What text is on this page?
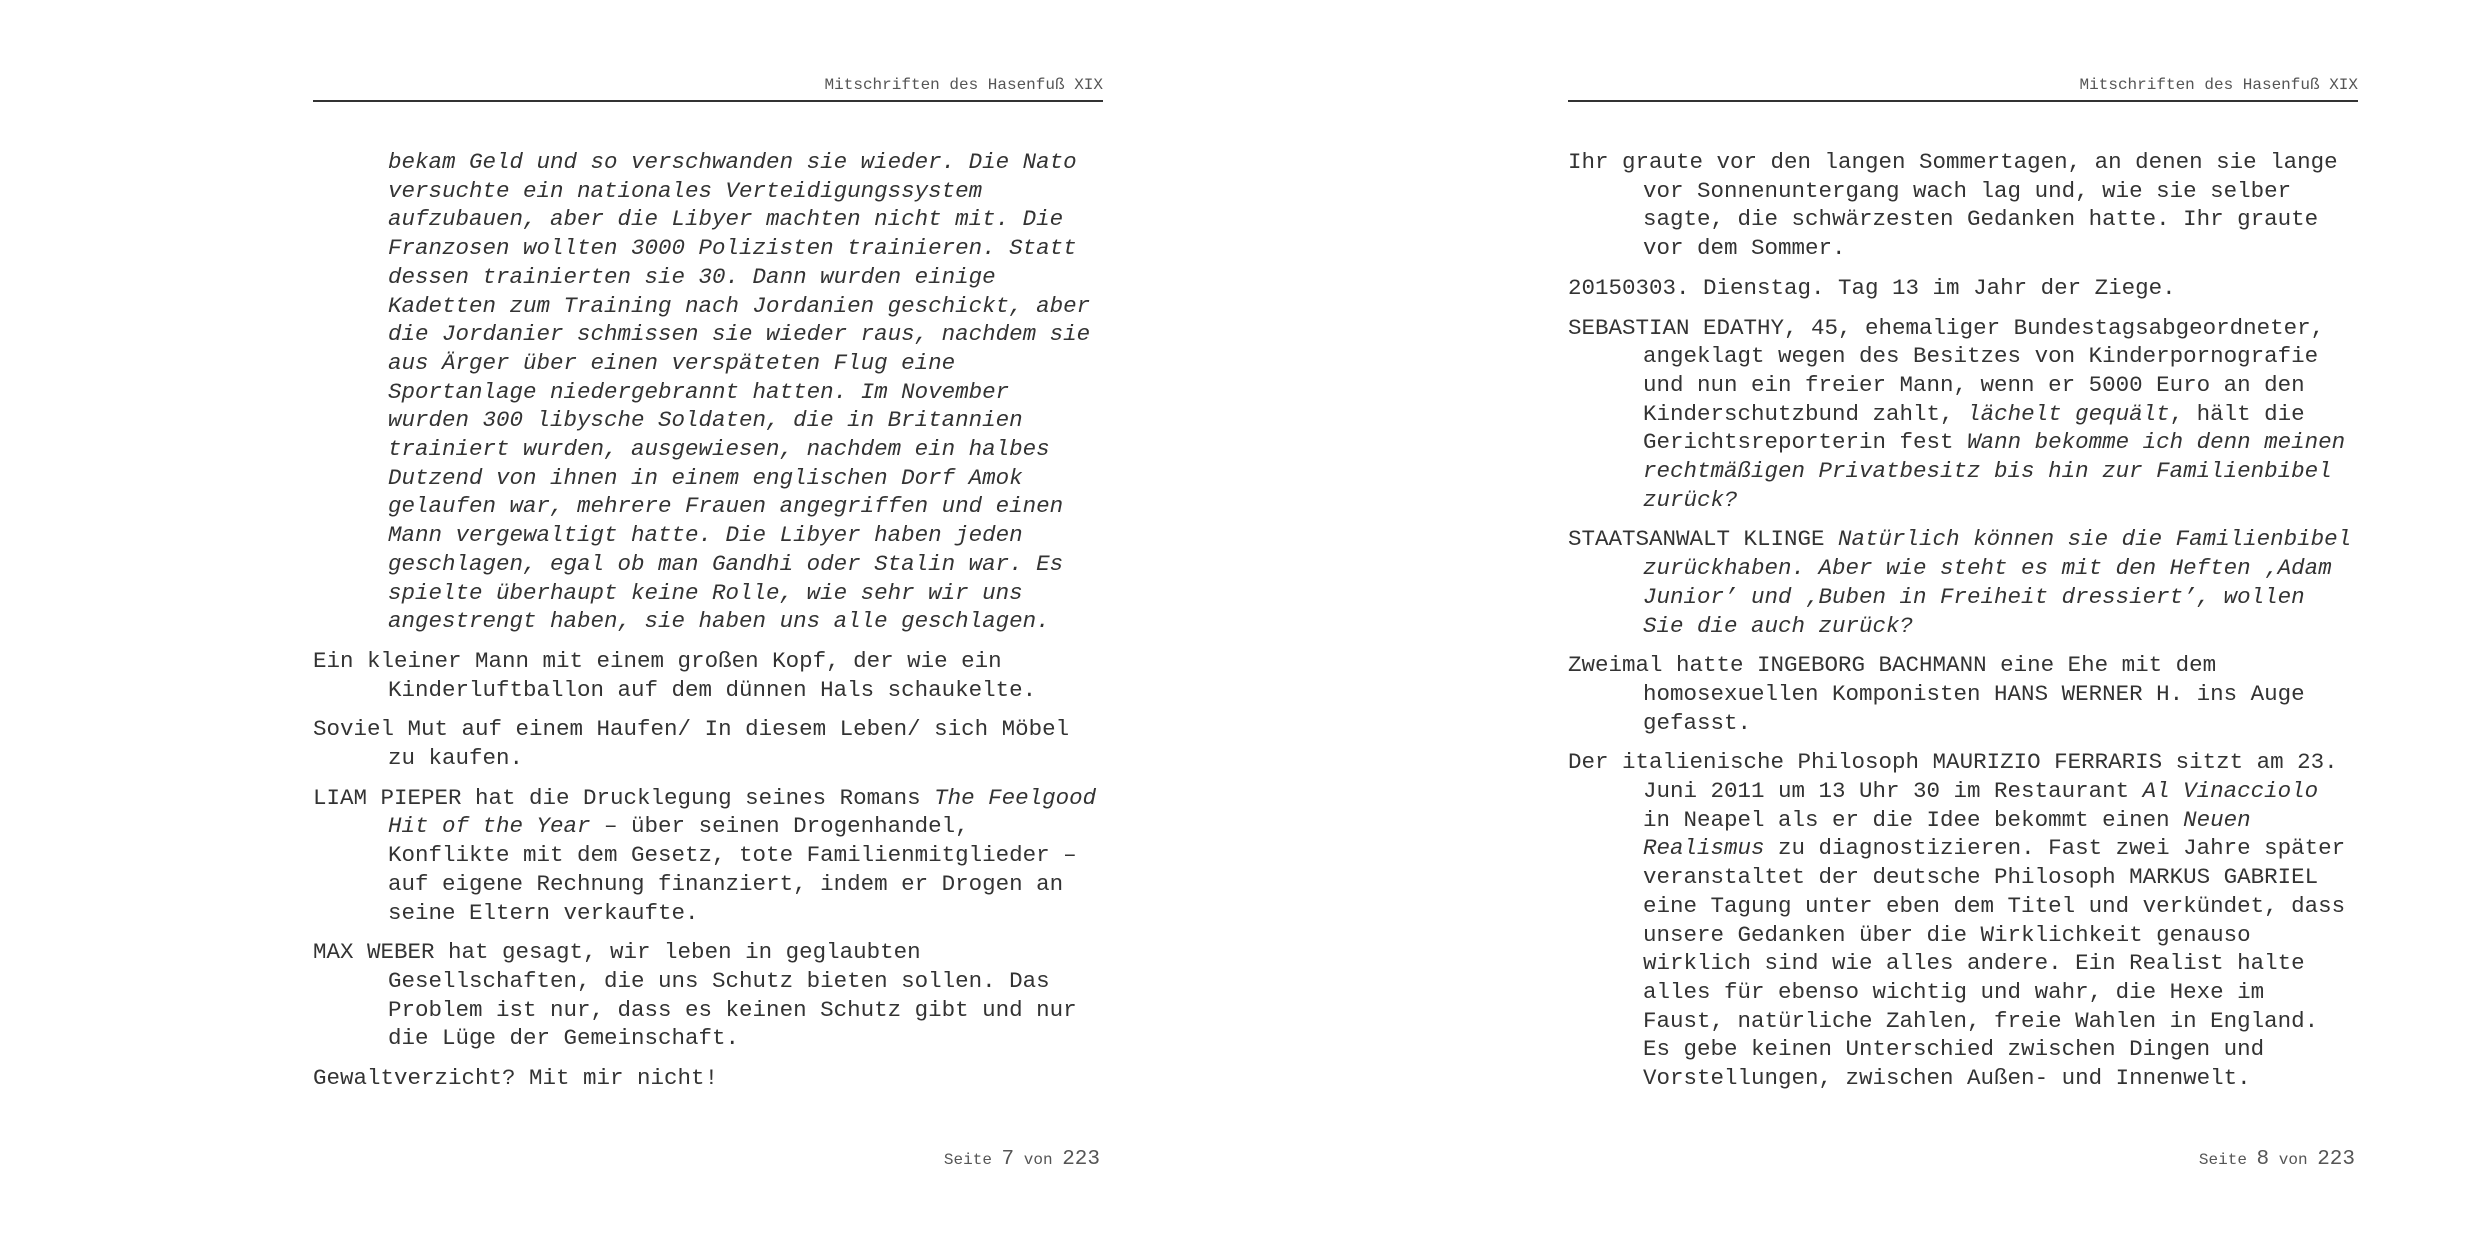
Mitschriften des Hasenfuß XIX

bekam Geld und so verschwanden sie wieder. Die Nato versuchte ein nationales Verteidigungssystem aufzubauen, aber die Libyer machten nicht mit. Die Franzosen wollten 3000 Polizisten trainieren. Statt dessen trainierten sie 30. Dann wurden einige Kadetten zum Training nach Jordanien geschickt, aber die Jordanier schmissen sie wieder raus, nachdem sie aus Ärger über einen verspäteten Flug eine Sportanlage niedergebrannt hatten. Im November wurden 300 libysche Soldaten, die in Britannien trainiert wurden, ausgewiesen, nachdem ein halbes Dutzend von ihnen in einem englischen Dorf Amok gelaufen war, mehrere Frauen angegriffen und einen Mann vergewaltigt hatte. Die Libyer haben jeden geschlagen, egal ob man Gandhi oder Stalin war. Es spielte überhaupt keine Rolle, wie sehr wir uns angestrengt haben, sie haben uns alle geschlagen.

Ein kleiner Mann mit einem großen Kopf, der wie ein Kinderluftballon auf dem dünnen Hals schaukelte.

Soviel Mut auf einem Haufen/ In diesem Leben/ sich Möbel zu kaufen.

LIAM PIEPER hat die Drucklegung seines Romans The Feelgood Hit of the Year – über seinen Drogenhandel, Konflikte mit dem Gesetz, tote Familienmitglieder – auf eigene Rechnung finanziert, indem er Drogen an seine Eltern verkaufte.

MAX WEBER hat gesagt, wir leben in geglaubten Gesellschaften, die uns Schutz bieten sollen. Das Problem ist nur, dass es keinen Schutz gibt und nur die Lüge der Gemeinschaft.

Gewaltverzicht? Mit mir nicht!

Seite 7 von 223
Mitschriften des Hasenfuß XIX

Ihr graute vor den langen Sommertagen, an denen sie lange vor Sonnenuntergang wach lag und, wie sie selber sagte, die schwärzesten Gedanken hatte. Ihr graute vor dem Sommer.

20150303. Dienstag. Tag 13 im Jahr der Ziege.

SEBASTIAN EDATHY, 45, ehemaliger Bundestagsabgeordneter, angeklagt wegen des Besitzes von Kinderpornografie und nun ein freier Mann, wenn er 5000 Euro an den Kinderschutzbund zahlt, lächelt gequält, hält die Gerichtsreporterin fest Wann bekomme ich denn meinen rechtmäßigen Privatbesitz bis hin zur Familienbibel zurück?

STAATSANWALT KLINGE Natürlich können sie die Familienbibel zurückhaben. Aber wie steht es mit den Heften ‚Adam Junior’ und ‚Buben in Freiheit dressiert’, wollen Sie die auch zurück?

Zweimal hatte INGEBORG BACHMANN eine Ehe mit dem homosexuellen Komponisten HANS WERNER H. ins Auge gefasst.

Der italienische Philosoph MAURIZIO FERRARIS sitzt am 23. Juni 2011 um 13 Uhr 30 im Restaurant Al Vinacciolo in Neapel als er die Idee bekommt einen Neuen Realismus zu diagnostizieren. Fast zwei Jahre später veranstaltet der deutsche Philosoph MARKUS GABRIEL eine Tagung unter eben dem Titel und verkündet, dass unsere Gedanken über die Wirklichkeit genauso wirklich sind wie alles andere. Ein Realist halte alles für ebenso wichtig und wahr, die Hexe im Faust, natürliche Zahlen, freie Wahlen in England. Es gebe keinen Unterschied zwischen Dingen und Vorstellungen, zwischen Außen- und Innenwelt.

Seite 8 von 223
